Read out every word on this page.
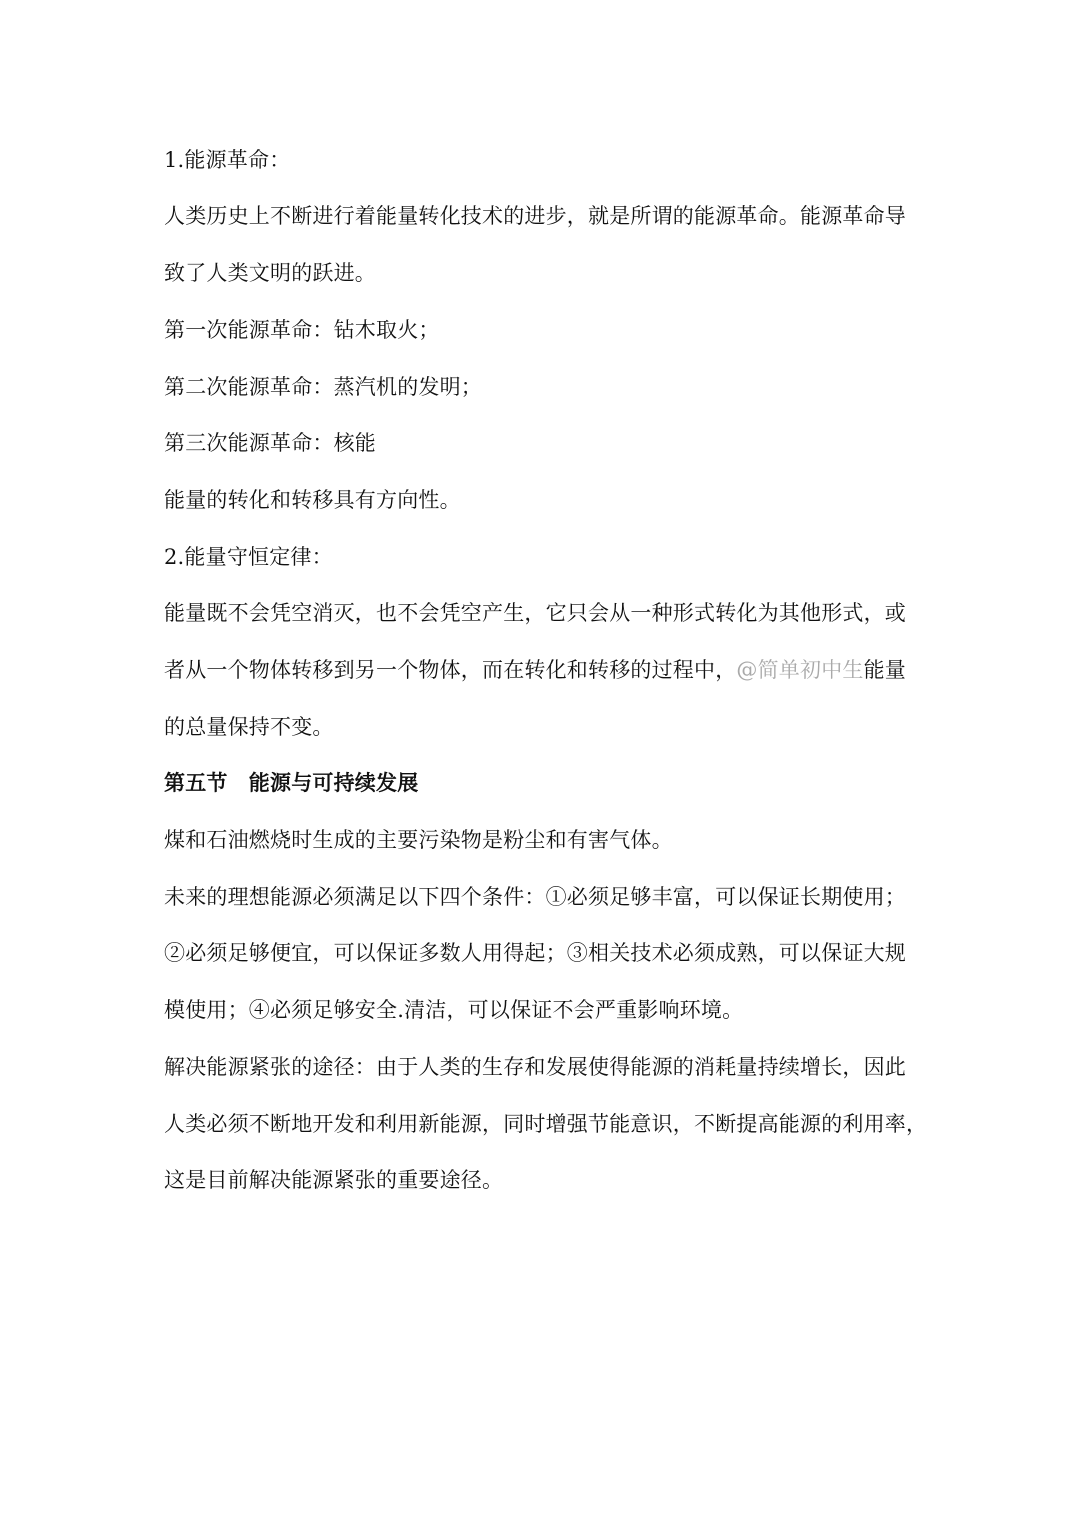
1.能源革命：
人类历史上不断进行着能量转化技术的进步，就是所谓的能源革命。能源革命导
致了人类文明的跃进。
第一次能源革命：钻木取火；
第二次能源革命：蒸汽机的发明；
第三次能源革命：核能
能量的转化和转移具有方向性。
2.能量守恒定律：
能量既不会凭空消灭，也不会凭空产生，它只会从一种形式转化为其他形式，或
者从一个物体转移到另一个物体，而在转化和转移的过程中，@简单初中生能量
的总量保持不变。
第五节　能源与可持续发展
煤和石油燃烧时生成的主要污染物是粉尘和有害气体。
未来的理想能源必须满足以下四个条件：①必须足够丰富，可以保证长期使用；
②必须足够便宜，可以保证多数人用得起；③相关技术必须成熟，可以保证大规
模使用；④必须足够安全.清洁，可以保证不会严重影响环境。
解决能源紧张的途径：由于人类的生存和发展使得能源的消耗量持续增长，因此
人类必须不断地开发和利用新能源，同时增强节能意识，不断提高能源的利用率，
这是目前解决能源紧张的重要途径。
